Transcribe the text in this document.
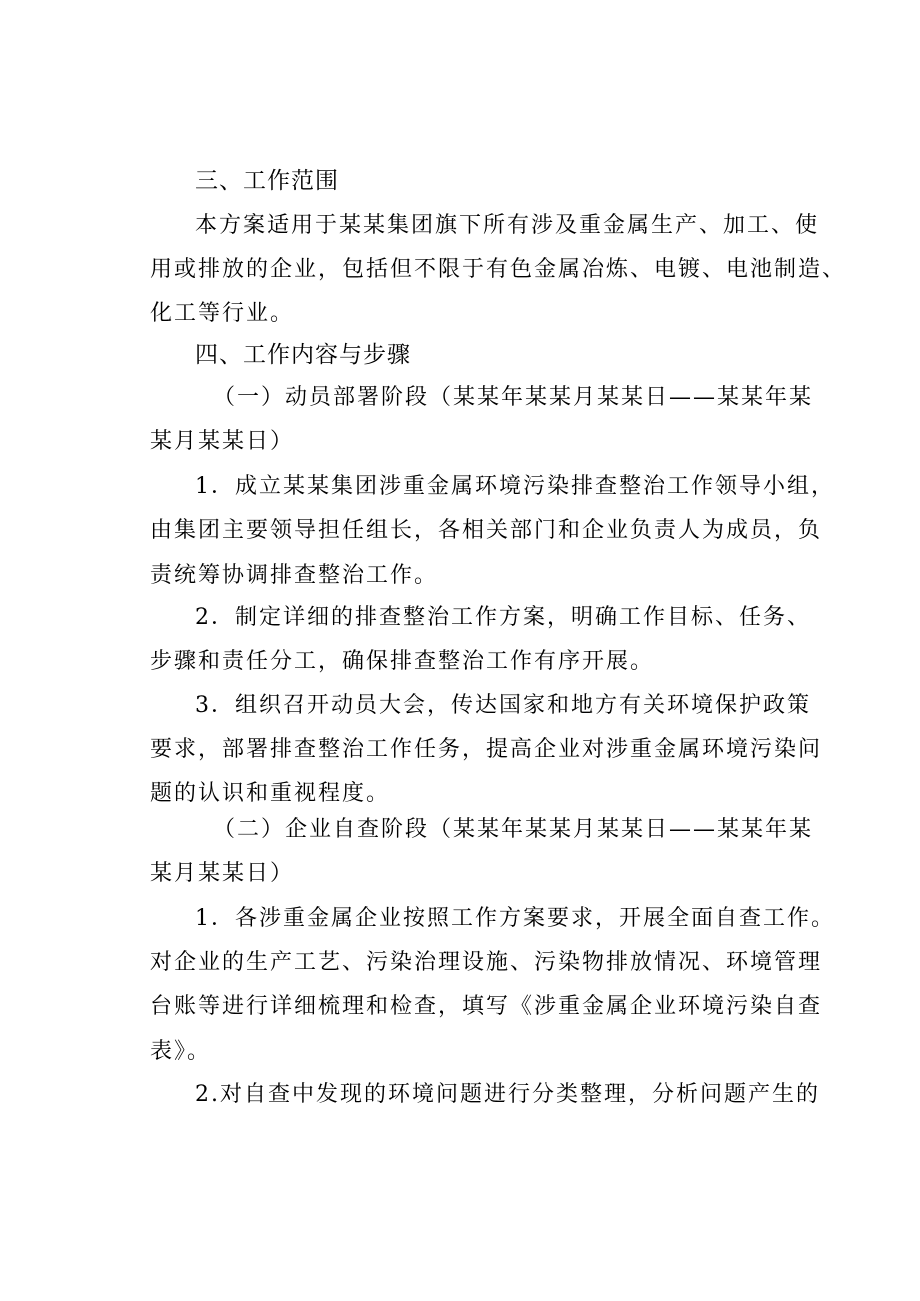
三、工作范围
本方案适用于某某集团旗下所有涉及重金属生产、加工、使
用或排放的企业，包括但不限于有色金属冶炼、电镀、电池制造、
化工等行业。
四、工作内容与步骤
（一）动员部署阶段（某某年某某月某某日——某某年某
某月某某日）
1．成立某某集团涉重金属环境污染排查整治工作领导小组，
由集团主要领导担任组长，各相关部门和企业负责人为成员，负
责统筹协调排查整治工作。
2．制定详细的排查整治工作方案，明确工作目标、任务、
步骤和责任分工，确保排查整治工作有序开展。
3．组织召开动员大会，传达国家和地方有关环境保护政策
要求，部署排查整治工作任务，提高企业对涉重金属环境污染问
题的认识和重视程度。
（二）企业自查阶段（某某年某某月某某日——某某年某
某月某某日）
1．各涉重金属企业按照工作方案要求，开展全面自查工作。
对企业的生产工艺、污染治理设施、污染物排放情况、环境管理
台账等进行详细梳理和检查，填写《涉重金属企业环境污染自查
表》。
2.对自查中发现的环境问题进行分类整理，分析问题产生的
